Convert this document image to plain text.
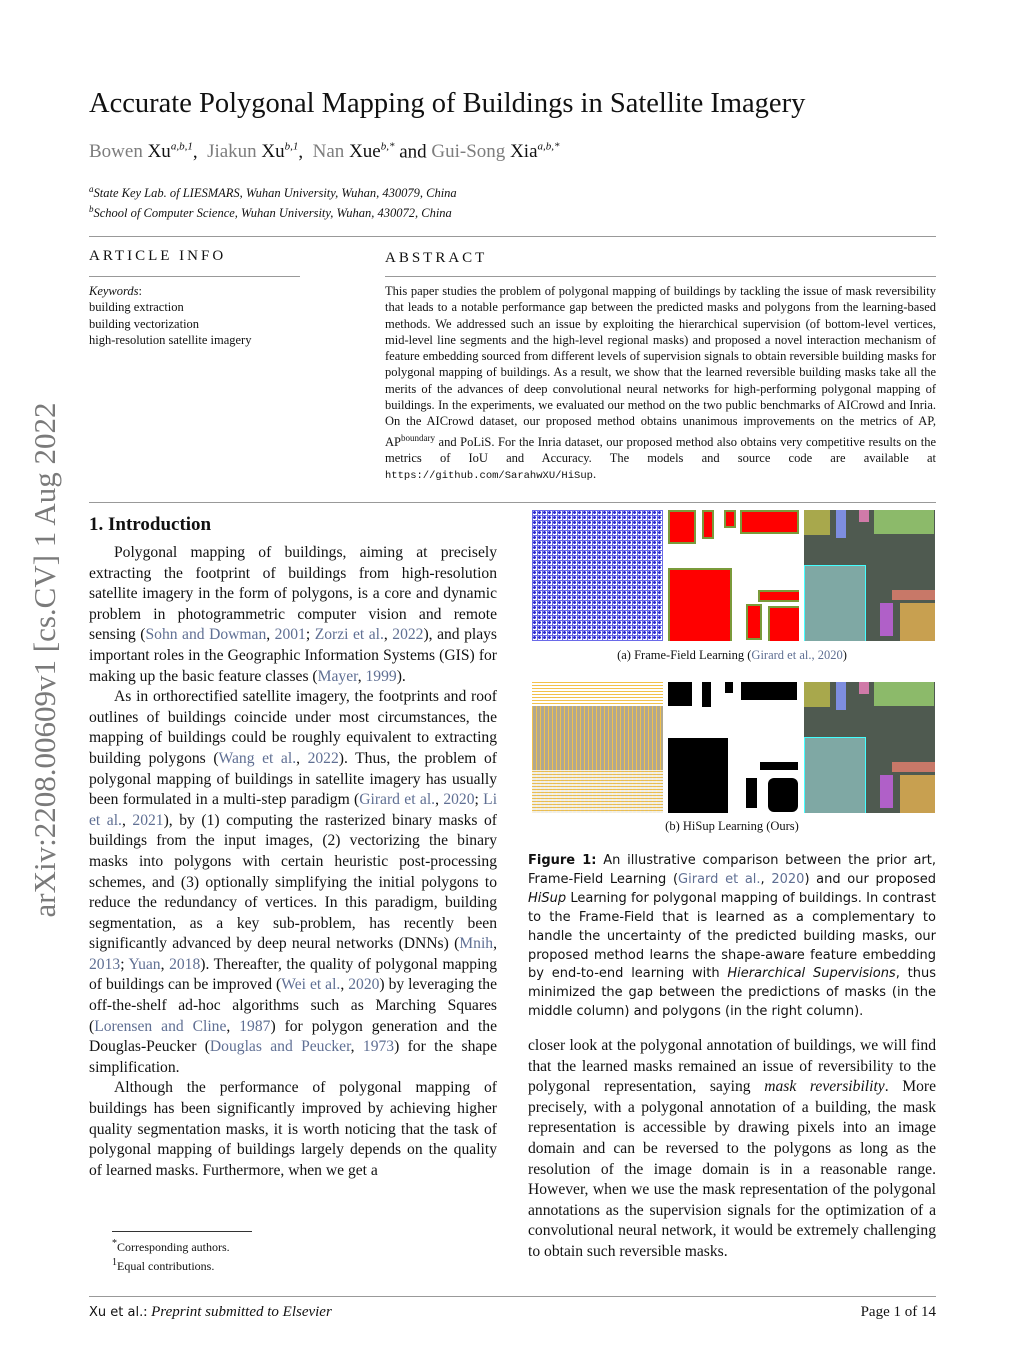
arXiv:2208.00609v1 [cs.CV] 1 Aug 2022
Accurate Polygonal Mapping of Buildings in Satellite Imagery
Bowen Xu$^{a,b,1}$,  Jiakun Xu$^{b,1}$,  Nan Xue$^{b,*}$ and Gui-Song Xia$^{a,b,*}$
$^a$State Key Lab. of LIESMARS, Wuhan University, Wuhan, 430079, China
$^b$School of Computer Science, Wuhan University, Wuhan, 430072, China
ARTICLE INFO
Keywords:
building extraction
building vectorization
high-resolution satellite imagery
ABSTRACT
This paper studies the problem of polygonal mapping of buildings by tackling the issue of mask reversibility that leads to a notable performance gap between the predicted masks and polygons from the learning-based methods. We addressed such an issue by exploiting the hierarchical supervision (of bottom-level vertices, mid-level line segments and the high-level regional masks) and proposed a novel interaction mechanism of feature embedding sourced from different levels of supervision signals to obtain reversible building masks for polygonal mapping of buildings. As a result, we show that the learned reversible building masks take all the merits of the advances of deep convolutional neural networks for high-performing polygonal mapping of buildings. In the experiments, we evaluated our method on the two public benchmarks of AICrowd and Inria. On the AICrowd dataset, our proposed method obtains unanimous improvements on the metrics of AP, $AP^{boundary}$ and PoLiS. For the Inria dataset, our proposed method also obtains very competitive results on the metrics of IoU and Accuracy. The models and source code are available at https://github.com/SarahwXU/HiSup.
1. Introduction

Polygonal mapping of buildings, aiming at precisely extracting the footprint of buildings from high-resolution satellite imagery in the form of polygons, is a core and dynamic problem in photogrammetric computer vision and remote sensing (Sohn and Dowman, 2001; Zorzi et al., 2022), and plays important roles in the Geographic Information Systems (GIS) for making up the basic feature classes (Mayer, 1999).

As in orthorectified satellite imagery, the footprints and roof outlines of buildings coincide under most circumstances, the mapping of buildings could be roughly equivalent to extracting building polygons (Wang et al., 2022). Thus, the problem of polygonal mapping of buildings in satellite imagery has usually been formulated in a multi-step paradigm (Girard et al., 2020; Li et al., 2021), by (1) computing the rasterized binary masks of buildings from the input images, (2) vectorizing the binary masks into polygons with certain heuristic post-processing schemes, and (3) optionally simplifying the initial polygons to reduce the redundancy of vertices. In this paradigm, building segmentation, as a key sub-problem, has recently been significantly advanced by deep neural networks (DNNs) (Mnih, 2013; Yuan, 2018). Thereafter, the quality of polygonal mapping of buildings can be improved (Wei et al., 2020) by leveraging the off-the-shelf ad-hoc algorithms such as Marching Squares (Lorensen and Cline, 1987) for polygon generation and the Douglas-Peucker (Douglas and Peucker, 1973) for the shape simplification.

Although the performance of polygonal mapping of buildings has been significantly improved by achieving higher quality segmentation masks, it is worth noticing that the task of polygonal mapping of buildings largely depends on the quality of learned masks. Furthermore, when we get a

(a) Frame-Field Learning (Girard et al., 2020)
(b) HiSup Learning (Ours)
Figure 1: An illustrative comparison between the prior art, Frame-Field Learning (Girard et al., 2020) and our proposed HiSup Learning for polygonal mapping of buildings. In contrast to the Frame-Field that is learned as a complementary to handle the uncertainty of the predicted building masks, our proposed method learns the shape-aware feature embedding by end-to-end learning with Hierarchical Supervisions, thus minimized the gap between the predictions of masks (in the middle column) and polygons (in the right column).

closer look at the polygonal annotation of buildings, we will find that the learned masks remained an issue of reversibility to the polygonal representation, saying mask reversibility. More precisely, with a polygonal annotation of a building, the mask representation is accessible by drawing pixels into an image domain and can be reversed to the polygons as long as the resolution of the image domain is in a reasonable range. However, when we use the mask representation of the polygonal annotations as the supervision signals for the optimization of a convolutional neural network, it would be extremely challenging to obtain such reversible masks.

*Corresponding authors.
$^1$Equal contributions.
Xu et al.: Preprint submitted to Elsevier	Page 1 of 14
